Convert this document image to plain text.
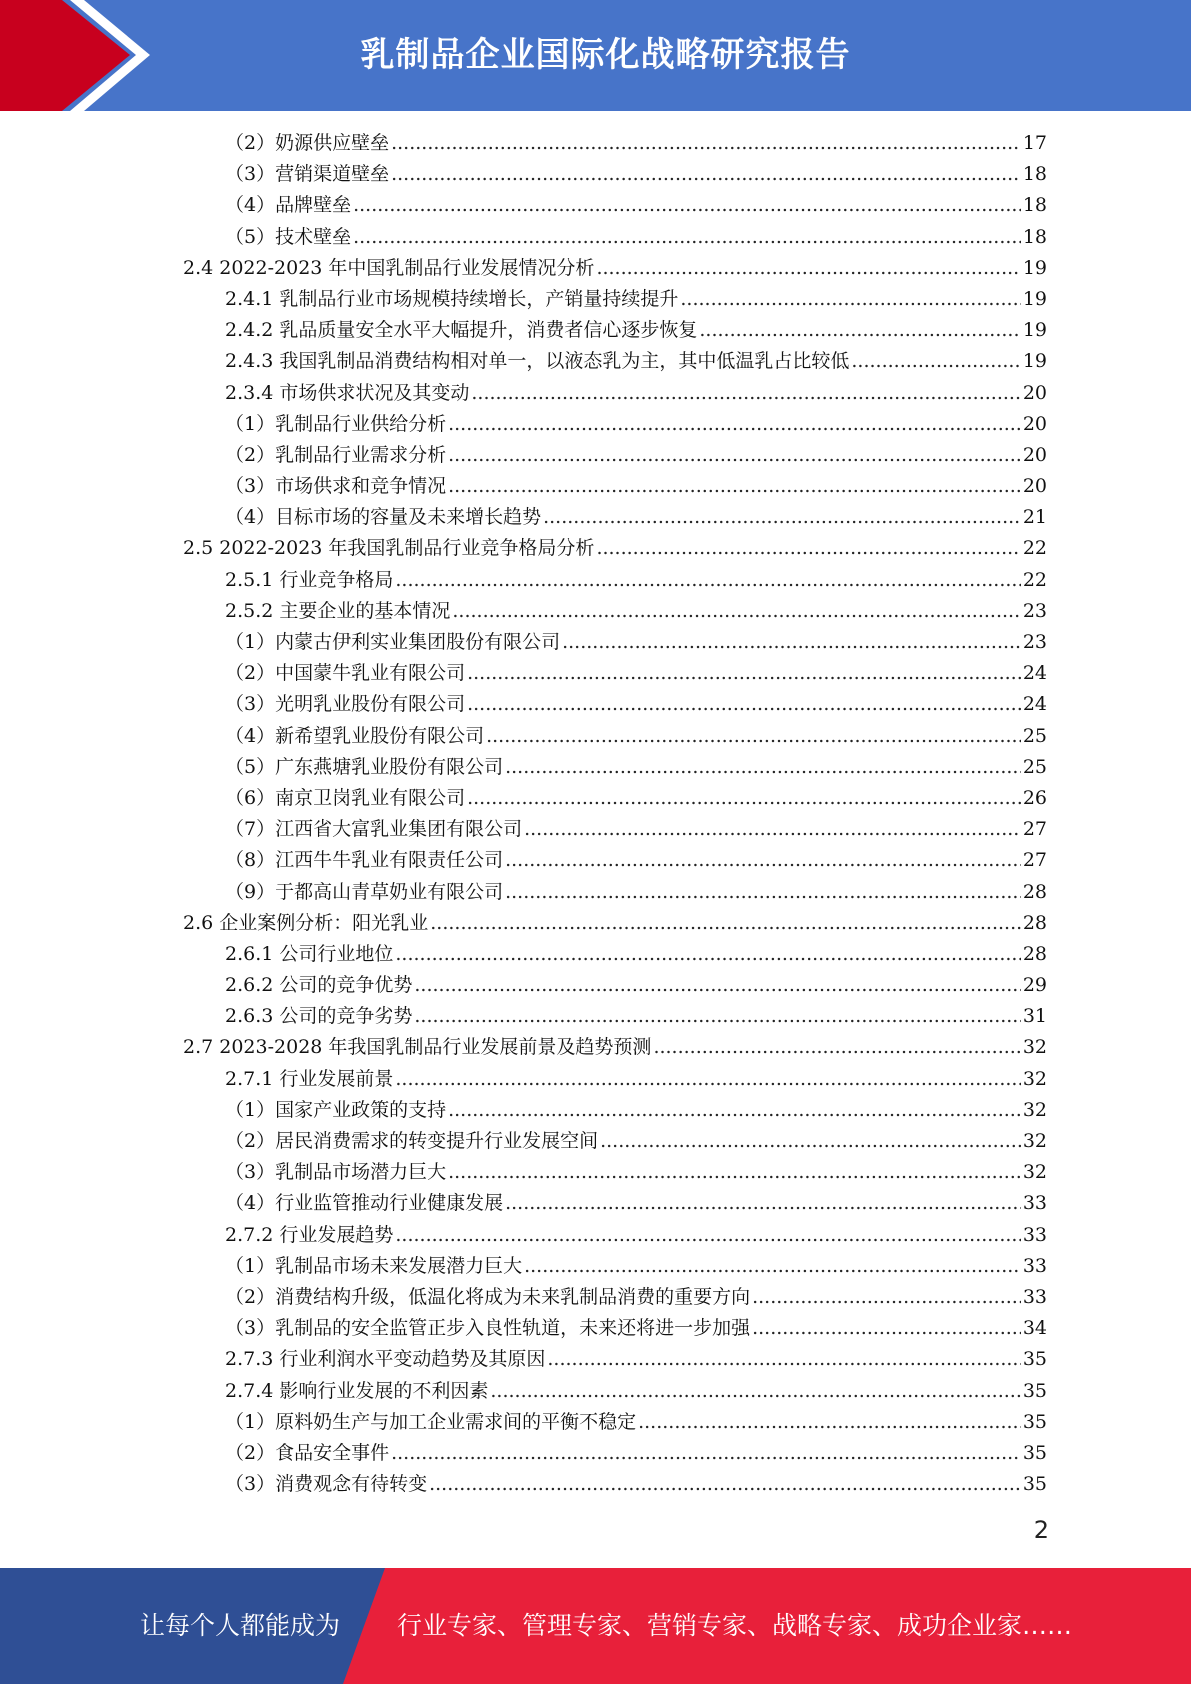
乳制品企业国际化战略研究报告
（2）奶源供应壁垒 .....	17
（3）营销渠道壁垒 .....	18
（4）品牌壁垒 .....	18
（5）技术壁垒 .....	18
2.4 2022-2023 年中国乳制品行业发展情况分析 .....	19
2.4.1 乳制品行业市场规模持续增长，产销量持续提升 .....	19
2.4.2 乳品质量安全水平大幅提升，消费者信心逐步恢复 .....	19
2.4.3 我国乳制品消费结构相对单一，以液态乳为主，其中低温乳占比较低 .....	19
2.3.4 市场供求状况及其变动 .....	20
（1）乳制品行业供给分析 .....	20
（2）乳制品行业需求分析 .....	20
（3）市场供求和竞争情况 .....	20
（4）目标市场的容量及未来增长趋势 .....	21
2.5 2022-2023 年我国乳制品行业竞争格局分析 .....	22
2.5.1 行业竞争格局 .....	22
2.5.2 主要企业的基本情况 .....	23
（1）内蒙古伊利实业集团股份有限公司 .....	23
（2）中国蒙牛乳业有限公司 .....	24
（3）光明乳业股份有限公司 .....	24
（4）新希望乳业股份有限公司 .....	25
（5）广东燕塘乳业股份有限公司 .....	25
（6）南京卫岗乳业有限公司 .....	26
（7）江西省大富乳业集团有限公司 .....	27
（8）江西牛牛乳业有限责任公司 .....	27
（9）于都高山青草奶业有限公司 .....	28
2.6 企业案例分析：阳光乳业 .....	28
2.6.1 公司行业地位 .....	28
2.6.2 公司的竞争优势 .....	29
2.6.3 公司的竞争劣势 .....	31
2.7 2023-2028 年我国乳制品行业发展前景及趋势预测 .....	32
2.7.1 行业发展前景 .....	32
（1）国家产业政策的支持 .....	32
（2）居民消费需求的转变提升行业发展空间 .....	32
（3）乳制品市场潜力巨大 .....	32
（4）行业监管推动行业健康发展 .....	33
2.7.2 行业发展趋势 .....	33
（1）乳制品市场未来发展潜力巨大 .....	33
（2）消费结构升级，低温化将成为未来乳制品消费的重要方向 .....	33
（3）乳制品的安全监管正步入良性轨道，未来还将进一步加强 .....	34
2.7.3 行业利润水平变动趋势及其原因 .....	35
2.7.4 影响行业发展的不利因素 .....	35
（1）原料奶生产与加工企业需求间的平衡不稳定 .....	35
（2）食品安全事件 .....	35
（3）消费观念有待转变 .....	35
2
让每个人都能成为 行业专家、管理专家、营销专家、战略专家、成功企业家……
